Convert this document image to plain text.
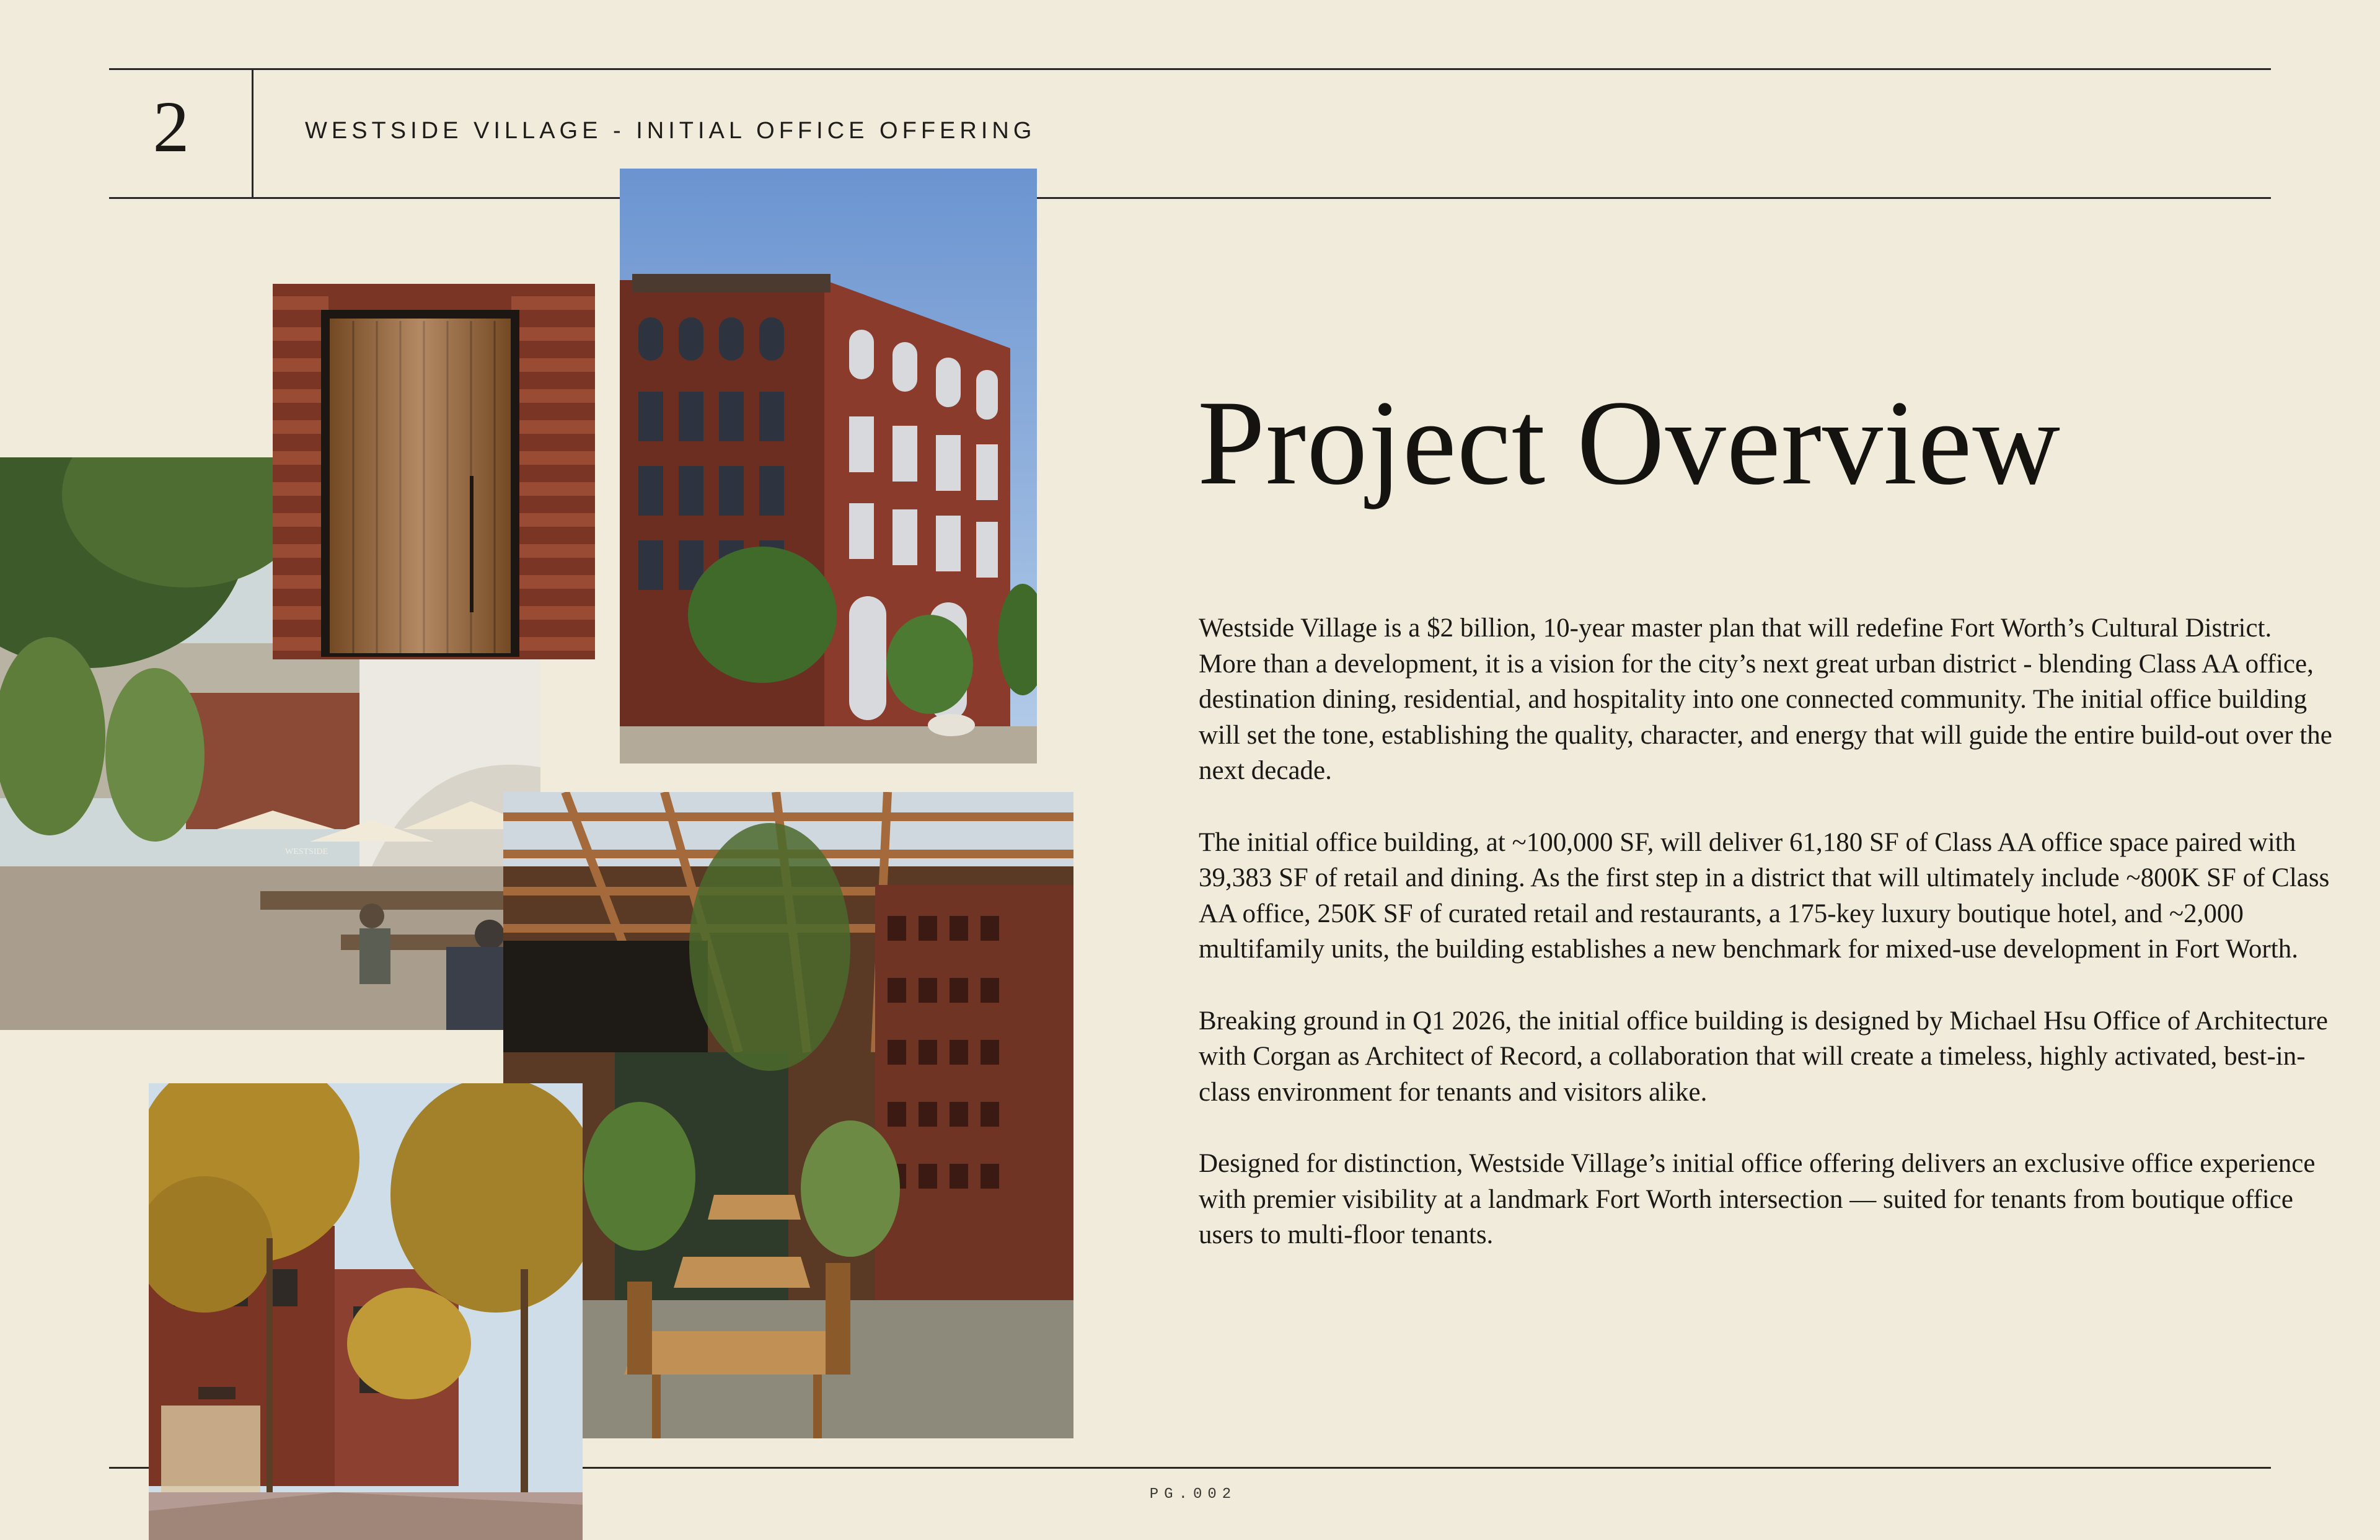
2	WESTSIDE VILLAGE - INITIAL OFFICE OFFERING
PG.002
WESTSIDE
Project Overview

Westside Village is a $2 billion, 10-year master plan that will redefine Fort Worth’s Cultural District. More than a development, it is a vision for the city’s next great urban district - blending Class AA office, destination dining, residential, and hospitality into one connected community. The initial office building will set the tone, establishing the quality, character, and energy that will guide the entire build-out over the next decade.

The initial office building, at ~100,000 SF, will deliver 61,180 SF of Class AA office space paired with 39,383 SF of retail and dining. As the first step in a district that will ultimately include ~800K SF of Class AA office, 250K SF of curated retail and restaurants, a 175-key luxury boutique hotel, and ~2,000 multifamily units, the building establishes a new benchmark for mixed-use development in Fort Worth.

Breaking ground in Q1 2026, the initial office building is designed by Michael Hsu Office of Architecture with Corgan as Architect of Record, a collaboration that will create a timeless, highly activated, best-in-class environment for tenants and visitors alike.

Designed for distinction, Westside Village’s initial office offering delivers an exclusive office experience with premier visibility at a landmark Fort Worth intersection — suited for tenants from boutique office users to multi-floor tenants.
